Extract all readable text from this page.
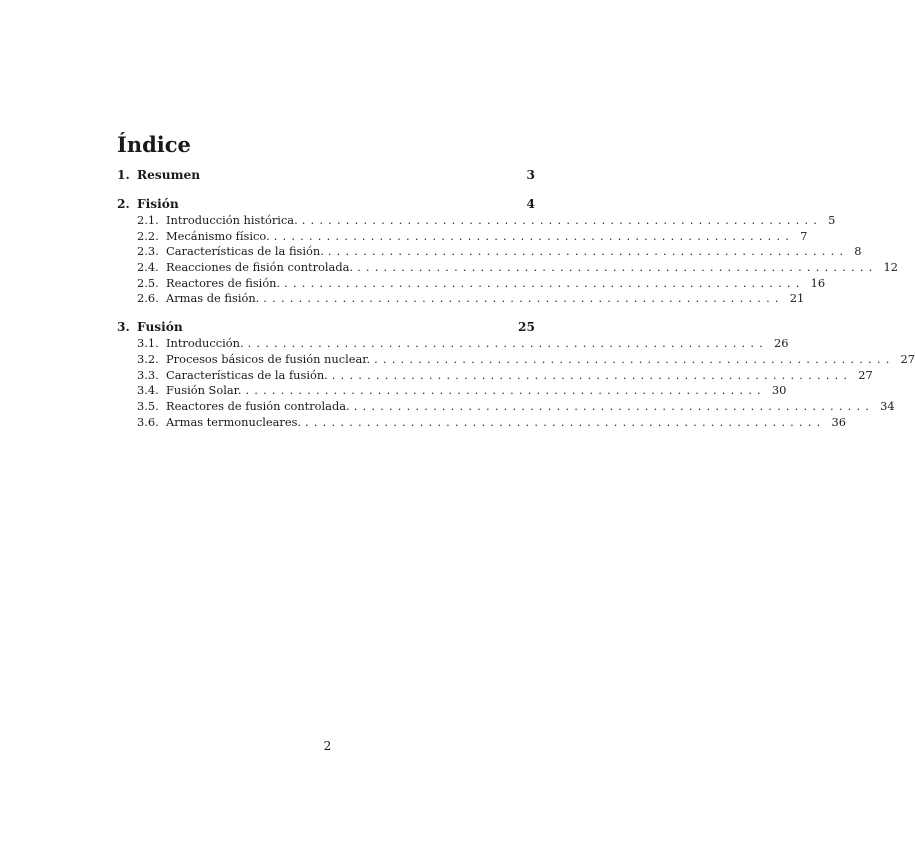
Índice
1. Resumen	3
2. Fisión	4
2.1. Introducción histórica. ........................................................... 5
2.2. Mecánismo físico. ........................................................... 7
2.3. Características de la fisión. ........................................................... 8
2.4. Reacciones de fisión controlada. ........................................................... 12
2.5. Reactores de fisión. ........................................................... 16
2.6. Armas de fisión. ........................................................... 21
3. Fusión	25
3.1. Introducción. ........................................................... 26
3.2. Procesos básicos de fusión nuclear. ........................................................... 27
3.3. Características de la fusión. ........................................................... 27
3.4. Fusión Solar. ........................................................... 30
3.5. Reactores de fusión controlada. ........................................................... 34
3.6. Armas termonucleares. ........................................................... 36
2
